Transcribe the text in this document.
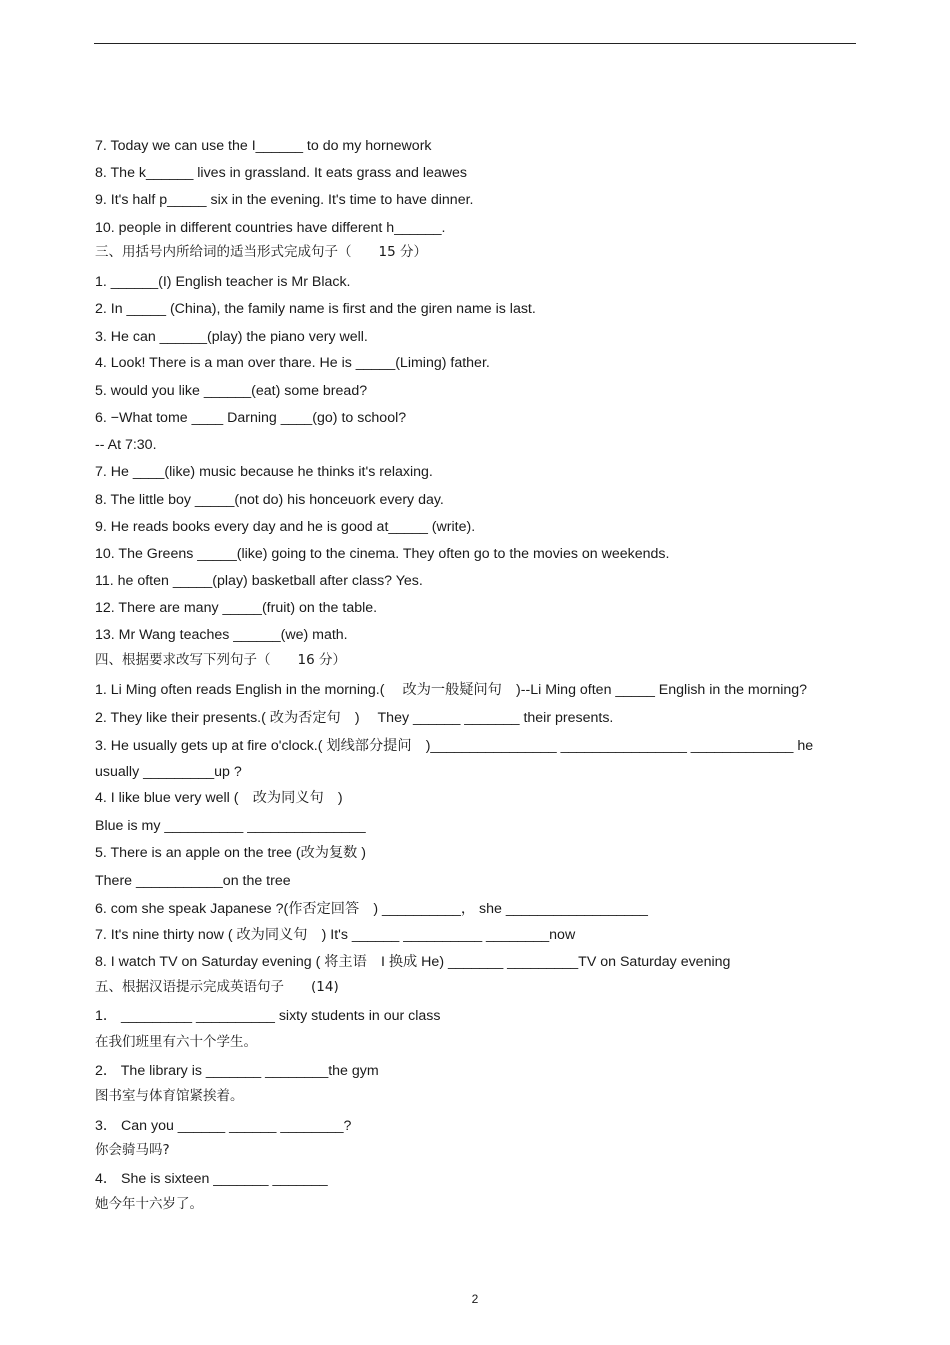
7. Today we can use the I______ to do my hornework
8. The k______ lives in grassland. It eats grass and leawes
9. It's half p_____ six in the evening. It's time to have dinner.
10. people in different countries have different h______.
三、用括号内所给词的适当形式完成句子（　　15 分）
1. ______(I) English teacher is Mr Black.
2. In _____ (China), the family name is first and the giren name is last.
3. He can ______(play) the piano very well.
4. Look! There is a man over thare. He is _____(Liming) father.
5. would you like ______(eat) some bread?
6. −What tome ____ Darning ____(go) to school?
-- At 7:30.
7. He ____(like) music because he thinks it's relaxing.
8. The little boy _____(not do) his honceuork every day.
9. He reads books every day and he is good at_____ (write).
10. The Greens _____(like) going to the cinema. They often go to the movies on weekends.
11. he often _____(play) basketball after class? Yes.
12. There are many _____(fruit) on the table.
13. Mr Wang teaches ______(we) math.
四、根据要求改写下列句子（　　16 分）
1. Li Ming often reads English in the morning.(　 改为一般疑问句　)--Li Ming often _____ English in the morning?
2. They like their presents.( 改为否定句　)　 They ______ _______ their presents.
3. He usually gets up at fire o'clock.( 划线部分提问　)________________ ________________ _____________ he
usually _________up ?
4. I like blue very well (　改为同义句　)
Blue is my __________ _______________
5. There is an apple on the tree (改为复数 )
There ___________on the tree
6. com she speak Japanese ?(作否定回答　) __________， she __________________
7. It's nine thirty now ( 改为同义句　) It's ______ __________ ________now
8. I watch TV on Saturday evening ( 将主语　I 换成 He) _______ _________TV on Saturday evening
五、根据汉语提示完成英语句子　　(14)
1． _________ __________ sixty students in our class
在我们班里有六十个学生。
2． The library is _______ ________the gym
图书室与体育馆紧挨着。
3． Can you ______ ______ ________?
你会骑马吗?
4． She is sixteen _______ _______
她今年十六岁了。
2
